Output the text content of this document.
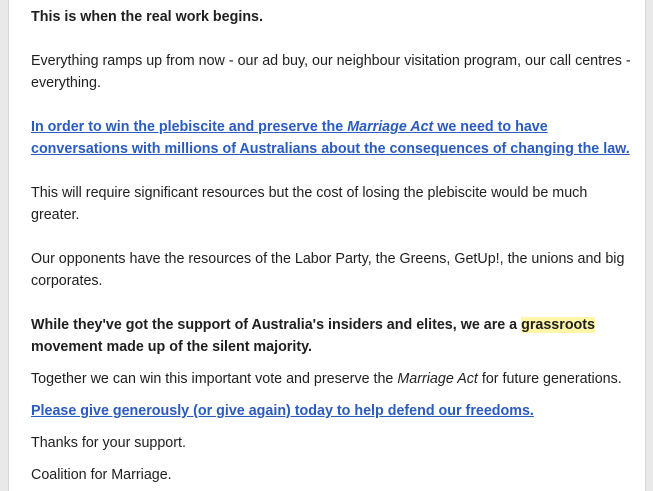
This is when the real work begins.

Everything ramps up from now - our ad buy, our neighbour visitation program, our call centres -
everything.

In order to win the plebiscite and preserve the Marriage Act we need to have
conversations with millions of Australians about the consequences of changing the law.

This will require significant resources but the cost of losing the plebiscite would be much
greater.

Our opponents have the resources of the Labor Party, the Greens, GetUp!, the unions and big
corporates.

While they've got the support of Australia's insiders and elites, we are a grassroots
movement made up of the silent majority.

Together we can win this important vote and preserve the Marriage Act for future generations.

Please give generously (or give again) today to help defend our freedoms.

Thanks for your support.

Coalition for Marriage.
